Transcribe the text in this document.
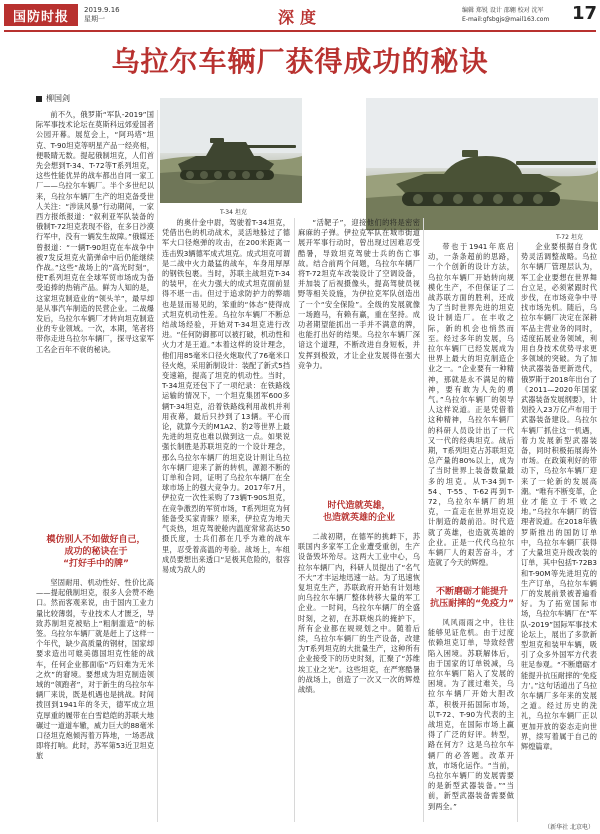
国防时报 2019.9.16
星期一	深度	编辑 郑锐 设计 邵翱 校对 沈军
E-mail:gfsbgjs@mail163.com 17
乌拉尔车辆厂获得成功的秘诀
柳国剑
T-34 坦克
T-72 坦克

前不久，俄罗斯“军队-2019”国际军事技术论坛在莫斯科远郊爱国者公园开幕。展览会上，“阿玛塔”坦克、T-90坦克等明星产品一经亮相，便吸睛无数。提起俄制坦克，人们首先会想到T-34、T-72等T系列坦克，这些性能优异的战车都出自同一家工厂——乌拉尔车辆厂。半个多世纪以来，乌拉尔车辆厂生产的坦克备受世人关注：“涉读风暴”行动期间，一家西方报纸报道：“叙利亚军队装备的俄制T-72坦克表现不俗，在多日沙漠行军中，没有一辆发生故障。”俄媒还曾报道：“一辆T-90坦克在车战争中被7发反坦克火箭弹命中后仍能继续作战。”这些“战场上的”高光时刻“，使T系列坦克在全球军贸市场成为备受追捧的热销产品。鲜为人知的是，这家坦克制造业的“领头羊”，最早却是从事汽车制造的民营企业。二战爆发后，乌拉尔车辆厂才转向坦克制造业的专业领域。一次，本期，笔者将带你走进乌拉尔车辆厂，探寻这家军工名企百年不衰的秘诀。

模仿别人不如做好自己，
成功的秘诀在于
“打好手中的牌”

坚固耐用、机动性好、性价比高——提起俄制坦克，很多人会赞不绝口。然而客观来说，由于国内工业力量比较薄弱，专业技术人才匮乏，导致苏制坦克被贴上“粗制滥造”的标签。乌拉尔车辆厂就是赶上了这样一个年代，缺少高质量的钢材，国家却要求造出可媲美德国坦克性能的战车，任何企业都面临“巧妇难为无米之炊”的窘境。要想成为坦克制造领域的“领跑者”，对于新生的乌拉尔车辆厂来说，既是机遇也是挑战。时间拨回到1941年的冬天，德军成立坦克厚重的履带在白雪皑皑的苏联大地碾过一道道车辙，威力巨大的88毫米口径坦克炮倾泻着万阵地，一场恶战即将打响。此时，苏军第53近卫坦克旅

的奥什金中尉，驾驶着T-34坦克，凭借出色的机动战术，灵活地躲过了德军大口径炮弹的攻击，在200米距离一连击毁3辆德军成式坦克。成式坦克可谓是二战中火力最猛的战车，车身用厚厚的钢铁包裹。当时，苏联主战坦克T-34的装甲，在火力强大的成式坦克面前显得不堪一击。但过于追求防护力的弊端也是显而易见的，笨重的“体态”使得成式坦克机动性差。乌拉尔车辆厂不断总结战场经验，开始对T-34坦克进行改进。“任何防御都可以被打破，机动性和火力才是王道。”本着这样的设计理念，他们用85毫米口径火炮取代了76毫米口径火炮，采用新制设计：装配了新式5挡变速箱，提高了坦克的机动性。当时，T-34坦克还包下了一项纪录：在铁路线运输的情况下，一个坦克集团军600多辆T-34坦克，沿着铁路线利用战机并利用夜幕，最后只抄到了13辆。平心而论，就算今天的M1A2、豹2等世界上最先进的坦克也难以做到这一点。如果说强长制胜是苏联坦克的一个设计理念，那么乌拉尔车辆厂的坦克设计则让乌拉尔车辆厂迎来了新的转机，源源不断的订单和合同，证明了乌拉尔车辆厂在全球市场上的强大竞争力。2017年7月，伊拉克一次性采购了73辆T-90S坦克，在竞争激烈的军贸市场，T系列坦克为何能备受买家青睐？原来，伊拉克为地天气炎热，坦克驾驶舱内温度常常高达50摄氏度，士兵们都在几乎为难的战车里，忍受着高温的考验。战场上，车组成员要想出来透口“足极其危险的，很容易成为敌人的

“活靶子”，迎接他们的将是密密麻麻的子弹。伊拉克军队在城市街道展开军事行动时，曾出现过因难忍受酷暑，导致坦克驾驶士兵的伤亡事故。结合前两个问题，乌拉尔车辆厂将T-72坦克车改装设计了空调设备，并加装了后视摄像头，提高驾驶员视野等相关设施，为伊拉克军队创造出了一个“安全保险”。全级的发展就像一场跑马，有赖有赢，重在坚持。成功者期望能抓出一手并不满意的牌，也能打出好的结果。乌拉尔车辆厂深谙这个道理，不断改进自身短板，并发挥到极致，才让企业发展得在强大竞争力。

时代造就英雄，
也造就英雄的企业

二战初期，在德军的挑衅下，苏联国内多家军工企业遭受重创，生产设备毁坏殆尽。这两大工业中心，乌拉尔车辆厂内，科研人员提出了“名气不大”才丰运地迅速一站。为了迅速恢复坦克生产，苏联政府开始有计划地向乌拉尔车辆厂整体转移大量的军工企业。一时间，乌拉尔车辆厂的全盛时刻，之初，在苏联炮兵的掩护下，所有企业都在规规划之中。随着后续，乌拉尔车辆厂的生产设备，改建为T系列坦克的大批量生产，这种所有企业接受下的历史时刻，汇聚了“苏维埃工业之光”。这些坦克，在严寒酷暑的战场上，创造了一次又一次的辉煌战绩。

带也于1941年底启动，一条条超前的思路，一个个创新的设计方法，乌拉尔车辆厂开始转向规模化生产，不但保证了二战苏联方面的胜利，还成为了当时世界先进的坦克设计制造厂。在丰收之际，新的机会也悄然而至。经过多年的发展，乌拉尔车辆厂已经发展成为世界上最大的坦克制造企业之一。“企业要有一种精神，那就是永不满足的精神，要有敢为人先的勇气。”乌拉尔车辆厂的领导人这样说道。正是凭借着这种精神，乌拉尔车辆厂的科研人员设计出了一代又一代的经典坦克。战后期，T系列坦克占苏联坦克总产量的80%以上，成为了当时世界上装备数量最多的坦克。从T-34到T-54、T-55、T-62再到T-72，乌拉尔车辆厂的坦克，一直走在世界坦克设计制造的最前沿。时代造就了英雄，也造就英雄的企业。正是一代代乌拉尔车辆厂人的艰苦奋斗，才造就了今天的辉煌。

不断磨砺才能提升
抗压耐摔的“免疫力”

风风雨雨之中，往往能够见证危机。由于过度依赖坦克订单，导致经营陷入困境。苏联解体后，由于国家的订单锐减，乌拉尔车辆厂陷入了发展的困境。为了渡过难关，乌拉尔车辆厂开始大胆改革，积极开拓国际市场，以T-72、T-90为代表的主战坦克，在国际市场上赢得了广泛的好评。转型，路在何方？这是乌拉尔车辆厂的必答题。改革开放，市场化运作。“当前，乌拉尔车辆厂的发展需要的是新型武器装备。”“当前，新型武器装备需要做到两全。”

企业要根据自身优势灵活调整战略。乌拉尔车辆厂管理层认为，军工企业要想在世界舞台立足，必须紧跟时代步伐，在市场竞争中寻找市场先机。随后，乌拉尔车辆厂决定在深耕军品主营业务的同时，适度拓展业务领域，利用自身技术优势寻求更多领域的突破。为了加快武器装备更新迭代，俄罗斯于2018年出台了《2011—2020年国家武器装备发展纲要》，计划投入23万亿卢布用于武器装备建设。乌拉尔车辆厂抓住这一机遇，着力发展新型武器装备，同时积极拓展海外市场。在政策利好的带动下，乌拉尔车辆厂迎来了一轮新的发展高潮。“唯有不断变革，企业才能立于不败之地。”乌拉尔车辆厂的管理者说道。在2018年俄罗斯推出的国防订单中，乌拉尔车辆厂获得了大量坦克升级改装的订单，其中包括T-72B3和T-90M等先进坦克的生产订单，乌拉尔车辆厂的发展前景被普遍看好。为了拓宽国际市场，乌拉尔车辆厂在“军队-2019”国际军事技术论坛上，展出了多款新型坦克和装甲车辆，吸引了众多外国军方代表驻足参观。“不断磨砺才能提升抗压耐摔的‘免疫力’。”这句话道出了乌拉尔车辆厂多年来的发展之道。经过历史的洗礼，乌拉尔车辆厂正以更加开放的姿态走向世界，续写着属于自己的辉煌篇章。

（新华社 北京电）
